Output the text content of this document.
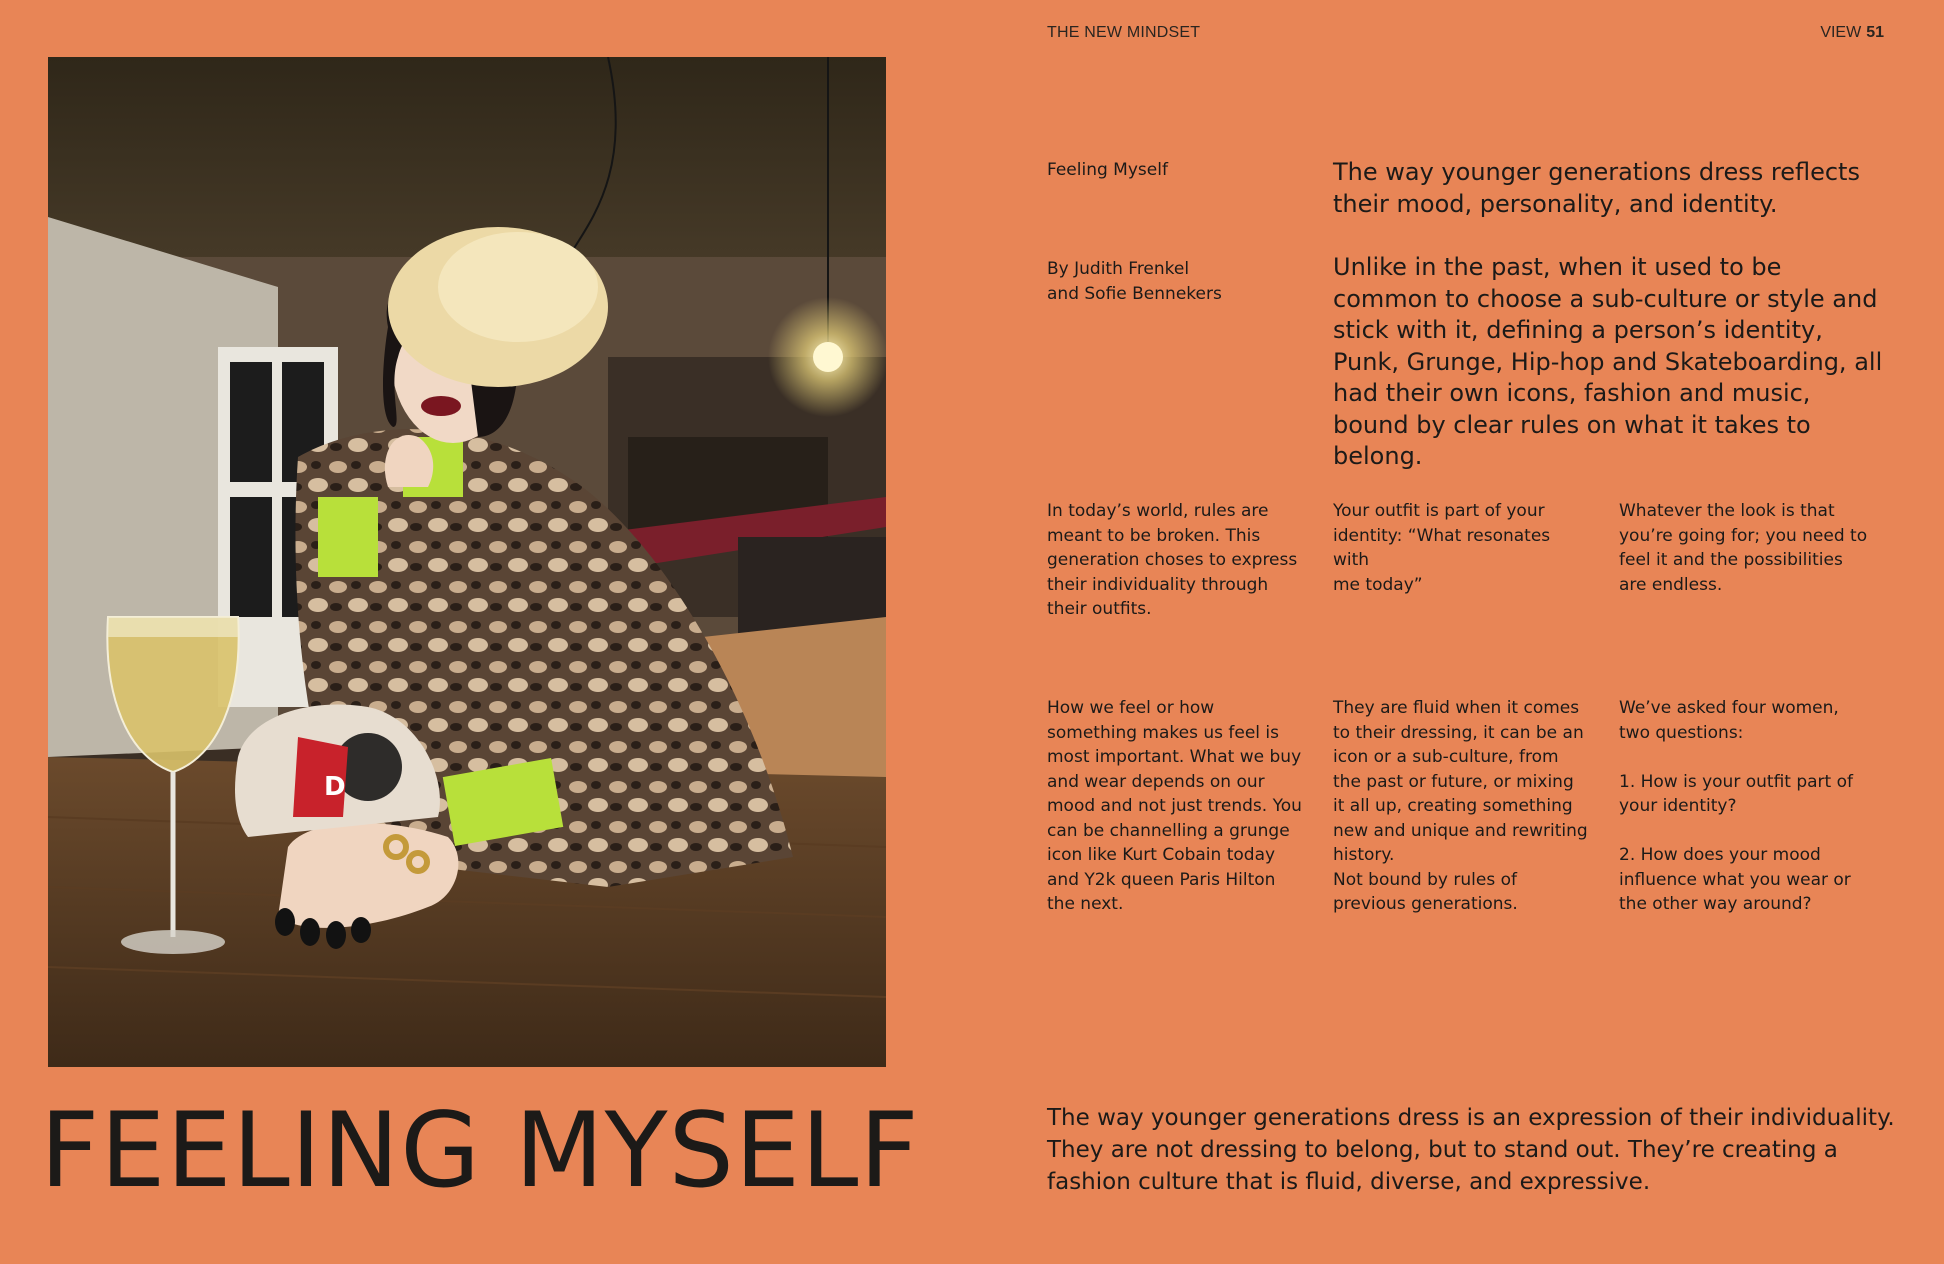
THE NEW MINDSET	VIEW 51
D
FEELING MYSELF
Feeling Myself
By Judith Frenkel
and Sofie Bennekers
The way younger generations dress reflects their mood, personality, and identity.
Unlike in the past, when it used to be common to choose a sub-culture or style and stick with it, defining a person’s identity, Punk, Grunge, Hip-hop and Skateboarding, all had their own icons, fashion and music, bound by clear rules on what it takes to belong.
In today’s world, rules are
meant to be broken. This
generation choses to express
their individuality through
their outfits.
Your outfit is part of your
identity: “What resonates with
me today”
Whatever the look is that
you’re going for; you need to
feel it and the possibilities
are endless.
How we feel or how
something makes us feel is
most important. What we buy
and wear depends on our
mood and not just trends. You
can be channelling a grunge
icon like Kurt Cobain today
and Y2k queen Paris Hilton
the next.
They are fluid when it comes
to their dressing, it can be an
icon or a sub-culture, from
the past or future, or mixing
it all up, creating something
new and unique and rewriting
history.
Not bound by rules of
previous generations.
We’ve asked four women,
two questions:

1. How is your outfit part of
your identity?

2. How does your mood
influence what you wear or
the other way around?
The way younger generations dress is an expression of their individuality. They are not dressing to belong, but to stand out. They’re creating a fashion culture that is fluid, diverse, and expressive.
